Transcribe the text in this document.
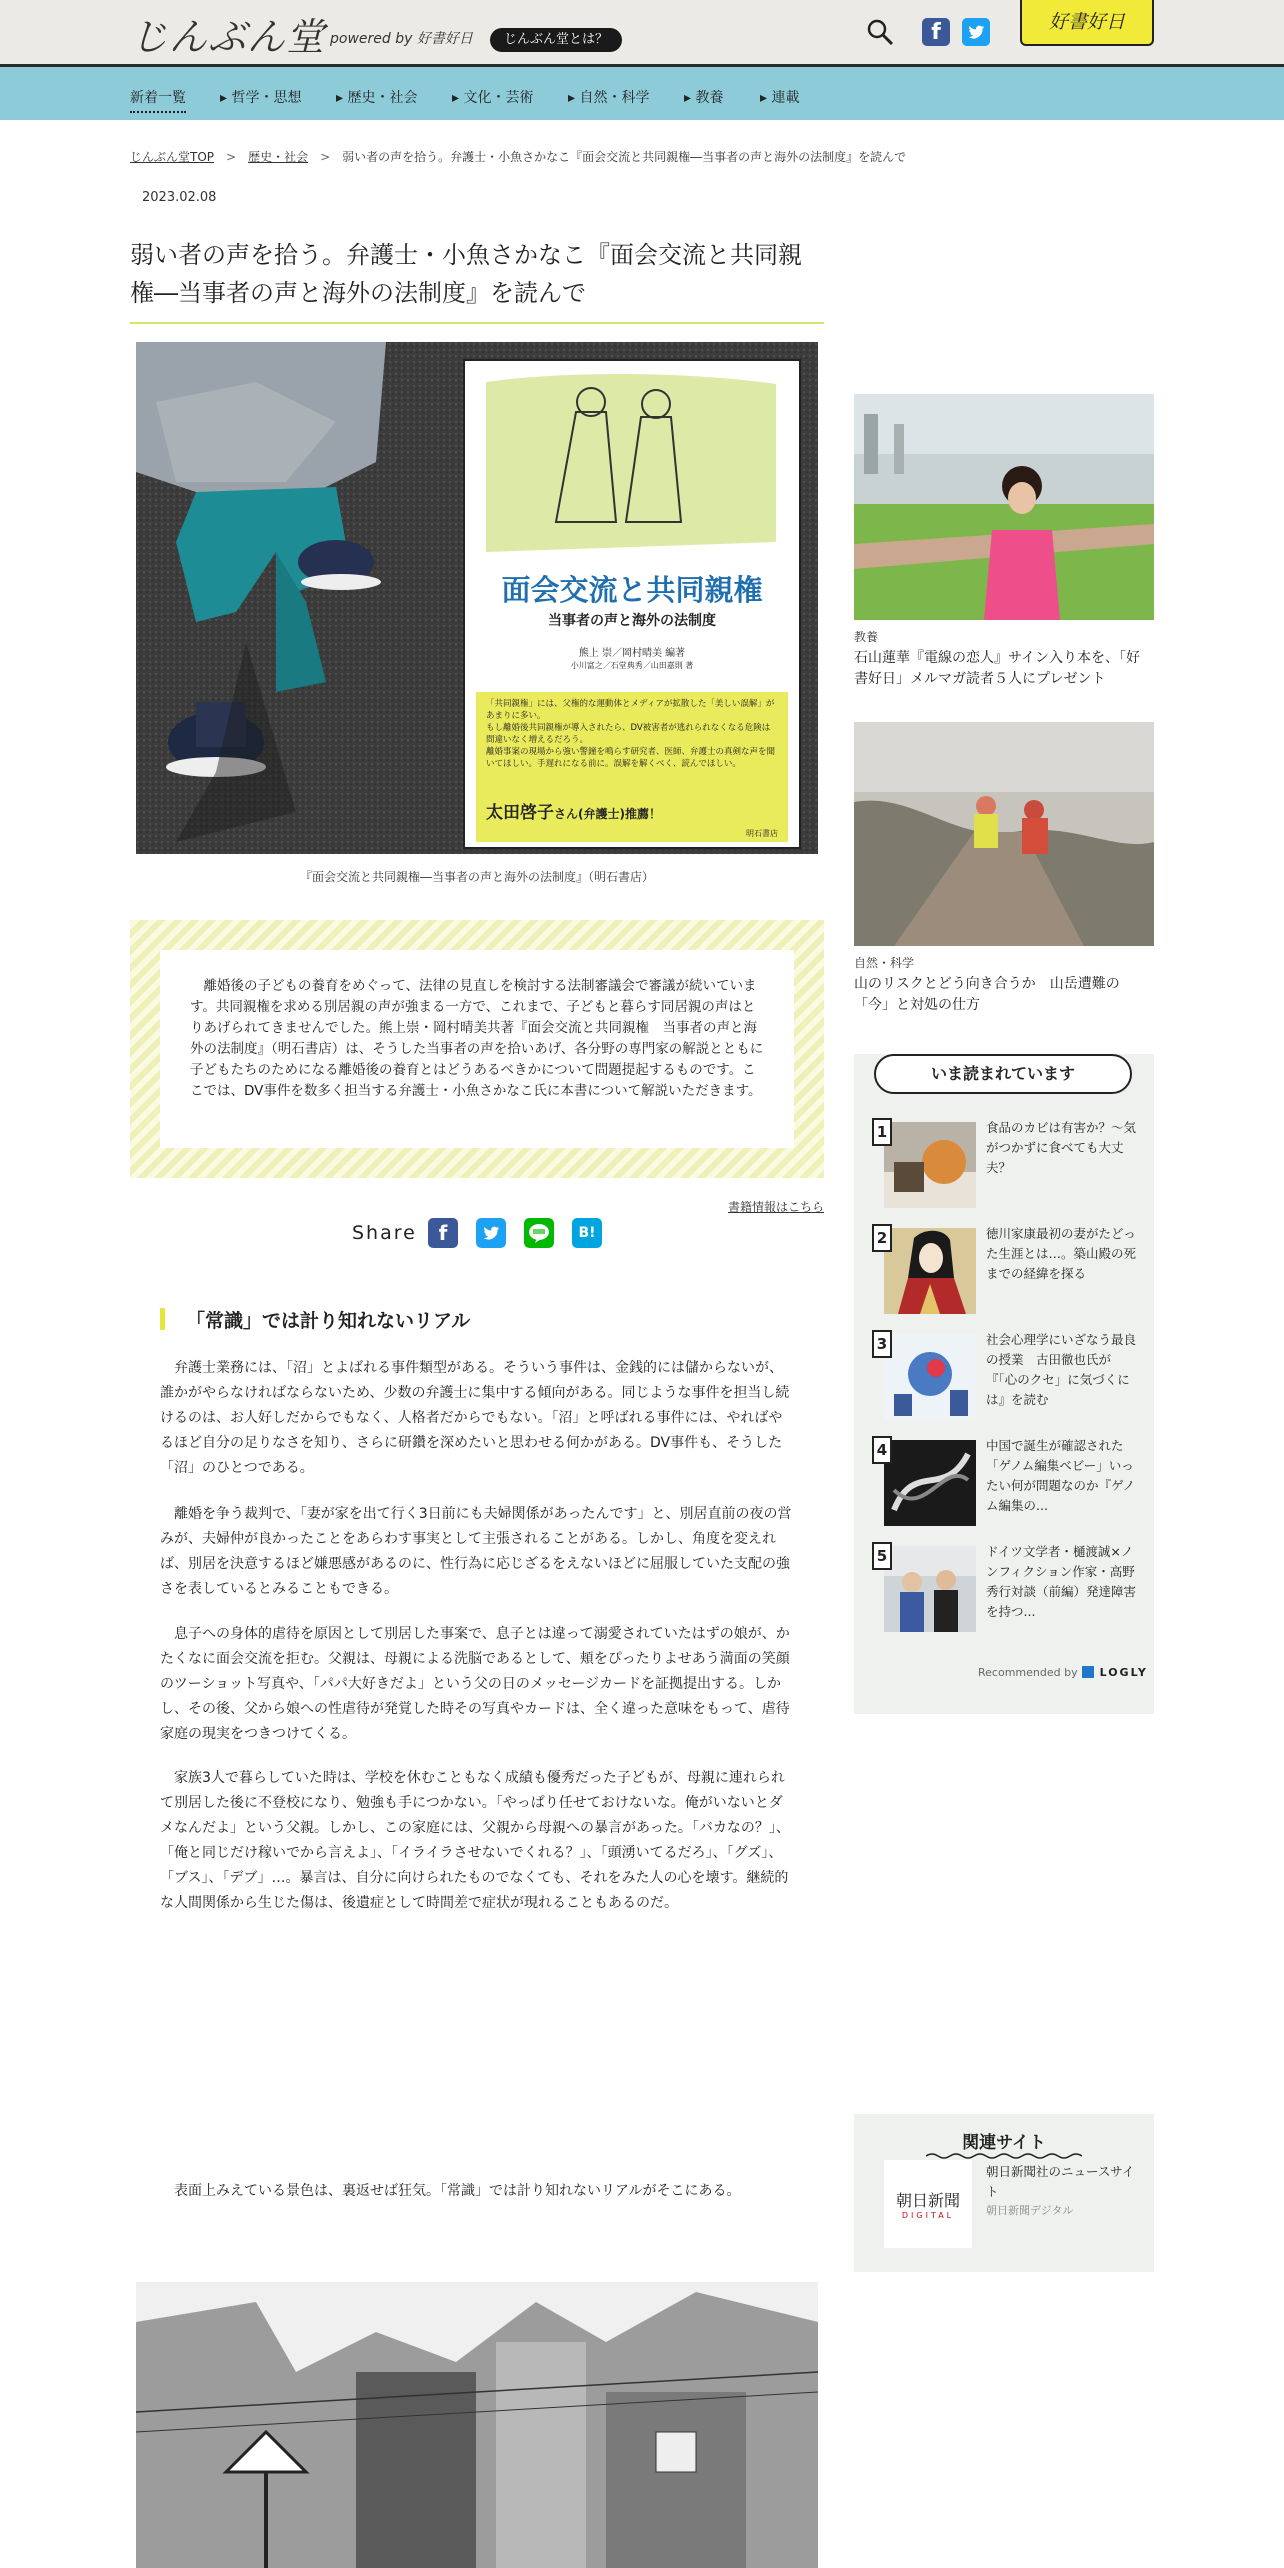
じんぶん堂 powered by 好書好日	じんぶん堂とは？	f	好書好日
新着一覧 ▸ 哲学・思想 ▸ 歴史・社会 ▸ 文化・芸術 ▸ 自然・科学 ▸ 教養	▸ 連載
じんぶん堂TOP > 歴史・社会 > 弱い者の声を拾う。弁護士・小魚さかなこ『面会交流と共同親権―当事者の声と海外の法制度』を読んで
2023.02.08
弱い者の声を拾う。弁護士・小魚さかなこ『面会交流と共同親権―当事者の声と海外の法制度』を読んで
面会交流と共同親権
当事者の声と海外の法制度
熊上 崇／岡村晴美 編著
小川富之／石堂典秀／山田嘉則 著
「共同親権」には、父権的な運動体とメディアが拡散した「美しい誤解」があまりに多い。
もし離婚後共同親権が導入されたら、DV被害者が逃れられなくなる危険は間違いなく増えるだろう。
離婚事案の現場から強い警鐘を鳴らす研究者、医師、弁護士の真剣な声を聞いてほしい。手遅れになる前に。誤解を解くべく、読んでほしい。
太田啓子さん(弁護士)推薦！
明石書店
『面会交流と共同親権―当事者の声と海外の法制度』（明石書店）
離婚後の子どもの養育をめぐって、法律の見直しを検討する法制審議会で審議が続いています。共同親権を求める別居親の声が強まる一方で、これまで、子どもと暮らす同居親の声はとりあげられてきませんでした。熊上崇・岡村晴美共著『面会交流と共同親権　当事者の声と海外の法制度』（明石書店）は、そうした当事者の声を拾いあげ、各分野の専門家の解説とともに子どもたちのためになる離婚後の養育とはどうあるべきかについて問題提起するものです。ここでは、DV事件を数多く担当する弁護士・小魚さかなこ氏に本書について解説いただきます。
書籍情報はこちら
Share	f	B!
「常識」では計り知れないリアル

弁護士業務には、「沼」とよばれる事件類型がある。そういう事件は、金銭的には儲からないが、誰かがやらなければならないため、少数の弁護士に集中する傾向がある。同じような事件を担当し続けるのは、お人好しだからでもなく、人格者だからでもない。「沼」と呼ばれる事件には、やればやるほど自分の足りなさを知り、さらに研鑽を深めたいと思わせる何かがある。DV事件も、そうした「沼」のひとつである。

離婚を争う裁判で、「妻が家を出て行く3日前にも夫婦関係があったんです」と、別居直前の夜の営みが、夫婦仲が良かったことをあらわす事実として主張されることがある。しかし、角度を変えれば、別居を決意するほど嫌悪感があるのに、性行為に応じざるをえないほどに屈服していた支配の強さを表しているとみることもできる。

息子への身体的虐待を原因として別居した事案で、息子とは違って溺愛されていたはずの娘が、かたくなに面会交流を拒む。父親は、母親による洗脳であるとして、頬をぴったりよせあう満面の笑顔のツーショット写真や、「パパ大好きだよ」という父の日のメッセージカードを証拠提出する。しかし、その後、父から娘への性虐待が発覚した時その写真やカードは、全く違った意味をもって、虐待家庭の現実をつきつけてくる。

家族3人で暮らしていた時は、学校を休むこともなく成績も優秀だった子どもが、母親に連れられて別居した後に不登校になり、勉強も手につかない。「やっぱり任せておけないな。俺がいないとダメなんだよ」という父親。しかし、この家庭には、父親から母親への暴言があった。「バカなの？」、「俺と同じだけ稼いでから言えよ」、「イライラさせないでくれる？」、「頭湧いてるだろ」、「グズ」、「ブス」、「デブ」…。暴言は、自分に向けられたものでなくても、それをみた人の心を壊す。継続的な人間関係から生じた傷は、後遺症として時間差で症状が現れることもあるのだ。

表面上みえている景色は、裏返せば狂気。「常識」では計り知れないリアルがそこにある。

教養
石山蓮華『電線の恋人』サイン入り本を、「好書好日」メルマガ読者５人にプレゼント
自然・科学
山のリスクとどう向き合うか　山岳遭難の「今」と対処の仕方
いま読まれています
1	食品のカビは有害か？～気がつかずに食べても大丈夫？
2	徳川家康最初の妻がたどった生涯とは…。築山殿の死までの経緯を探る
3	社会心理学にいざなう最良の授業　古田徹也氏が『「心のクセ」に気づくには』を読む
4	中国で誕生が確認された「ゲノム編集ベビー」いったい何が問題なのか『ゲノム編集の...
5	ドイツ文学者・樋渡誠×ノンフィクション作家・高野秀行対談（前編）発達障害を持つ...
Recommended by LOGLY
関連サイト
朝日新聞
DIGITAL
朝日新聞社のニュースサイト
朝日新聞デジタル
